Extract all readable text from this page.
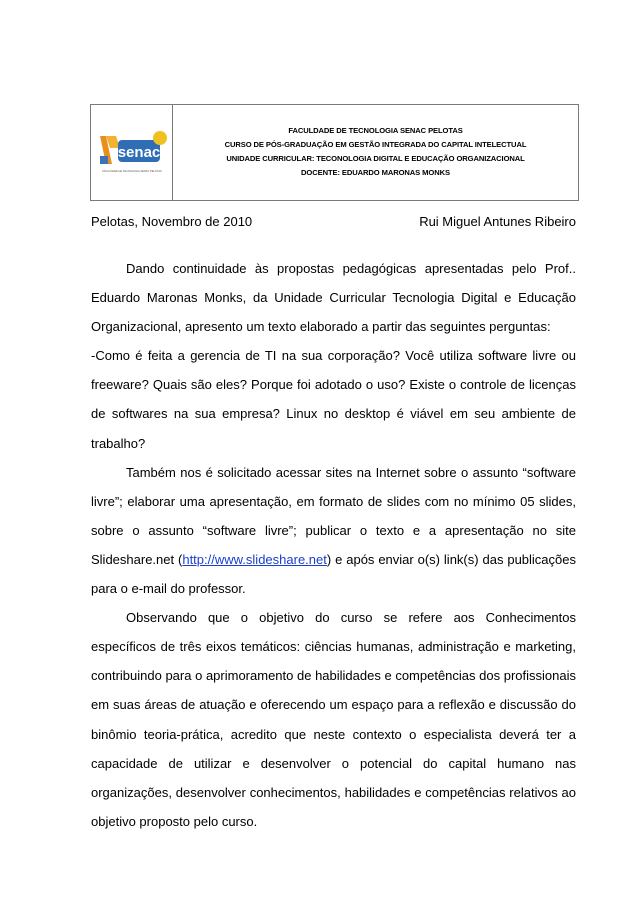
senac
FACULDADE DE TECNOLOGIA SENAC PELOTAS
FACULDADE DE TECNOLOGIA SENAC PELOTAS
CURSO DE PÓS-GRADUAÇÃO EM GESTÃO INTEGRADA DO CAPITAL INTELECTUAL
UNIDADE CURRICULAR: TECONOLOGIA DIGITAL E EDUCAÇÃO ORGANIZACIONAL
DOCENTE: EDUARDO MARONAS MONKS
Pelotas, Novembro de 2010	Rui Miguel Antunes Ribeiro

Dando continuidade às propostas pedagógicas apresentadas pelo Prof.. Eduardo Maronas Monks, da Unidade Curricular Tecnologia Digital e Educação Organizacional, apresento um texto elaborado a partir das seguintes perguntas:

-Como é feita a gerencia de TI na sua corporação? Você utiliza software livre ou freeware? Quais são eles? Porque foi adotado o uso? Existe o controle de licenças de softwares na sua empresa? Linux no desktop é viável em seu ambiente de trabalho?

Também nos é solicitado acessar sites na Internet sobre o assunto “software livre”; elaborar uma apresentação, em formato de slides com no mínimo 05 slides, sobre o assunto “software livre”; publicar o texto e a apresentação no site Slideshare.net (http://www.slideshare.net) e após enviar o(s) link(s) das publicações para o e-mail do professor.

Observando que o objetivo do curso se refere aos Conhecimentos específicos de três eixos temáticos: ciências humanas, administração e marketing, contribuindo para o aprimoramento de habilidades e competências dos profissionais em suas áreas de atuação e oferecendo um espaço para a reflexão e discussão do binômio teoria-prática, acredito que neste contexto o especialista deverá ter a capacidade de utilizar e desenvolver o potencial do capital humano nas organizações, desenvolver conhecimentos, habilidades e competências relativos ao objetivo proposto pelo curso.
